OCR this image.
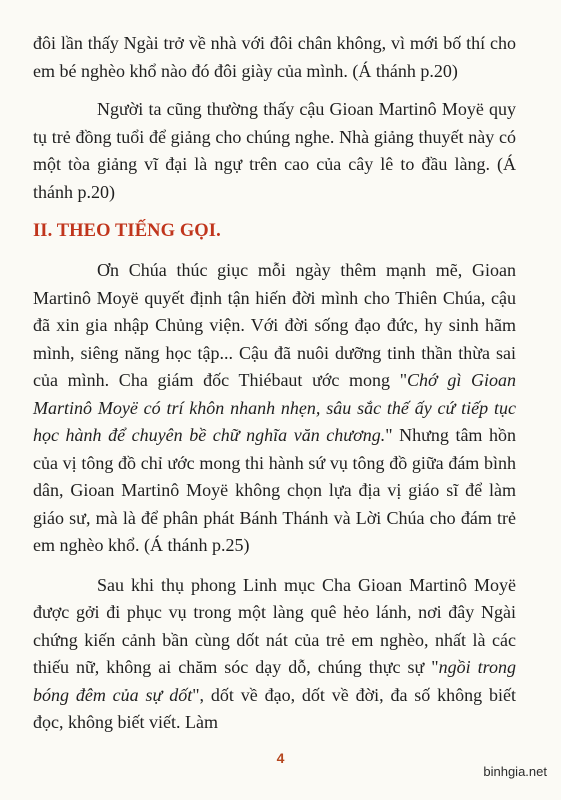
đôi lần thấy Ngài trở về nhà với đôi chân không, vì mới bố thí cho em bé nghèo khổ nào đó đôi giày của mình. (Á thánh p.20)

Người ta cũng thường thấy cậu Gioan Martinô Moyë quy tụ trẻ đồng tuổi để giảng cho chúng nghe. Nhà giảng thuyết này có một tòa giảng vĩ đại là ngự trên cao của cây lê to đầu làng. (Á thánh p.20)

II. THEO TIẾNG GỌI.

Ơn Chúa thúc giục mỗi ngày thêm mạnh mẽ, Gioan Martinô Moyë quyết định tận hiến đời mình cho Thiên Chúa, cậu đã xin gia nhập Chủng viện. Với đời sống đạo đức, hy sinh hãm mình, siêng năng học tập... Cậu đã nuôi dưỡng tinh thần thừa sai của mình. Cha giám đốc Thiébaut ước mong "Chớ gì Gioan Martinô Moyë có trí khôn nhanh nhẹn, sâu sắc thế ấy cứ tiếp tục học hành để chuyên bề chữ nghĩa văn chương." Nhưng tâm hồn của vị tông đồ chỉ ước mong thi hành sứ vụ tông đồ giữa đám bình dân, Gioan Martinô Moyë không chọn lựa địa vị giáo sĩ để làm giáo sư, mà là để phân phát Bánh Thánh và Lời Chúa cho đám trẻ em nghèo khổ. (Á thánh p.25)

Sau khi thụ phong Linh mục Cha Gioan Martinô Moyë được gởi đi phục vụ trong một làng quê hẻo lánh, nơi đây Ngài chứng kiến cảnh bần cùng dốt nát của trẻ em nghèo, nhất là các thiếu nữ, không ai chăm sóc dạy dỗ, chúng thực sự "ngồi trong bóng đêm của sự dốt", dốt về đạo, dốt về đời, đa số không biết đọc, không biết viết. Làm

4
binhgia.net
